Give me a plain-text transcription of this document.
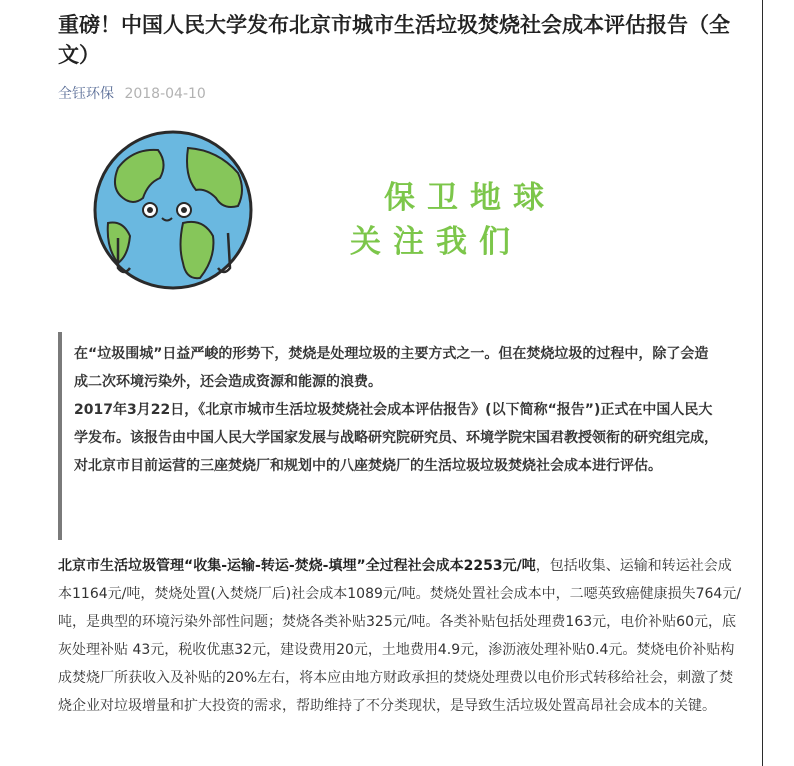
重磅！中国人民大学发布北京市城市生活垃圾焚烧社会成本评估报告（全文）
全钰环保 2018-04-10
保卫地球
关注我们

在“垃圾围城”日益严峻的形势下，焚烧是处理垃圾的主要方式之一。但在焚烧垃圾的过程中，除了会造成二次环境污染外，还会造成资源和能源的浪费。

2017年3月22日，《北京市城市生活垃圾焚烧社会成本评估报告》(以下简称“报告”)正式在中国人民大学发布。该报告由中国人民大学国家发展与战略研究院研究员、环境学院宋国君教授领衔的研究组完成，对北京市目前运营的三座焚烧厂和规划中的八座焚烧厂的生活垃圾垃圾焚烧社会成本进行评估。

北京市生活垃圾管理“收集-运输-转运-焚烧-填埋”全过程社会成本2253元/吨，包括收集、运输和转运社会成本1164元/吨，焚烧处置(入焚烧厂后)社会成本1089元/吨。焚烧处置社会成本中，二噁英致癌健康损失764元/吨，是典型的环境污染外部性问题；焚烧各类补贴325元/吨。各类补贴包括处理费163元，电价补贴60元，底灰处理补贴 43元，税收优惠32元，建设费用20元，土地费用4.9元，渗沥液处理补贴0.4元。焚烧电价补贴构成焚烧厂所获收入及补贴的20%左右，将本应由地方财政承担的焚烧处理费以电价形式转移给社会，刺激了焚烧企业对垃圾增量和扩大投资的需求，帮助维持了不分类现状，是导致生活垃圾处置高昂社会成本的关键。
